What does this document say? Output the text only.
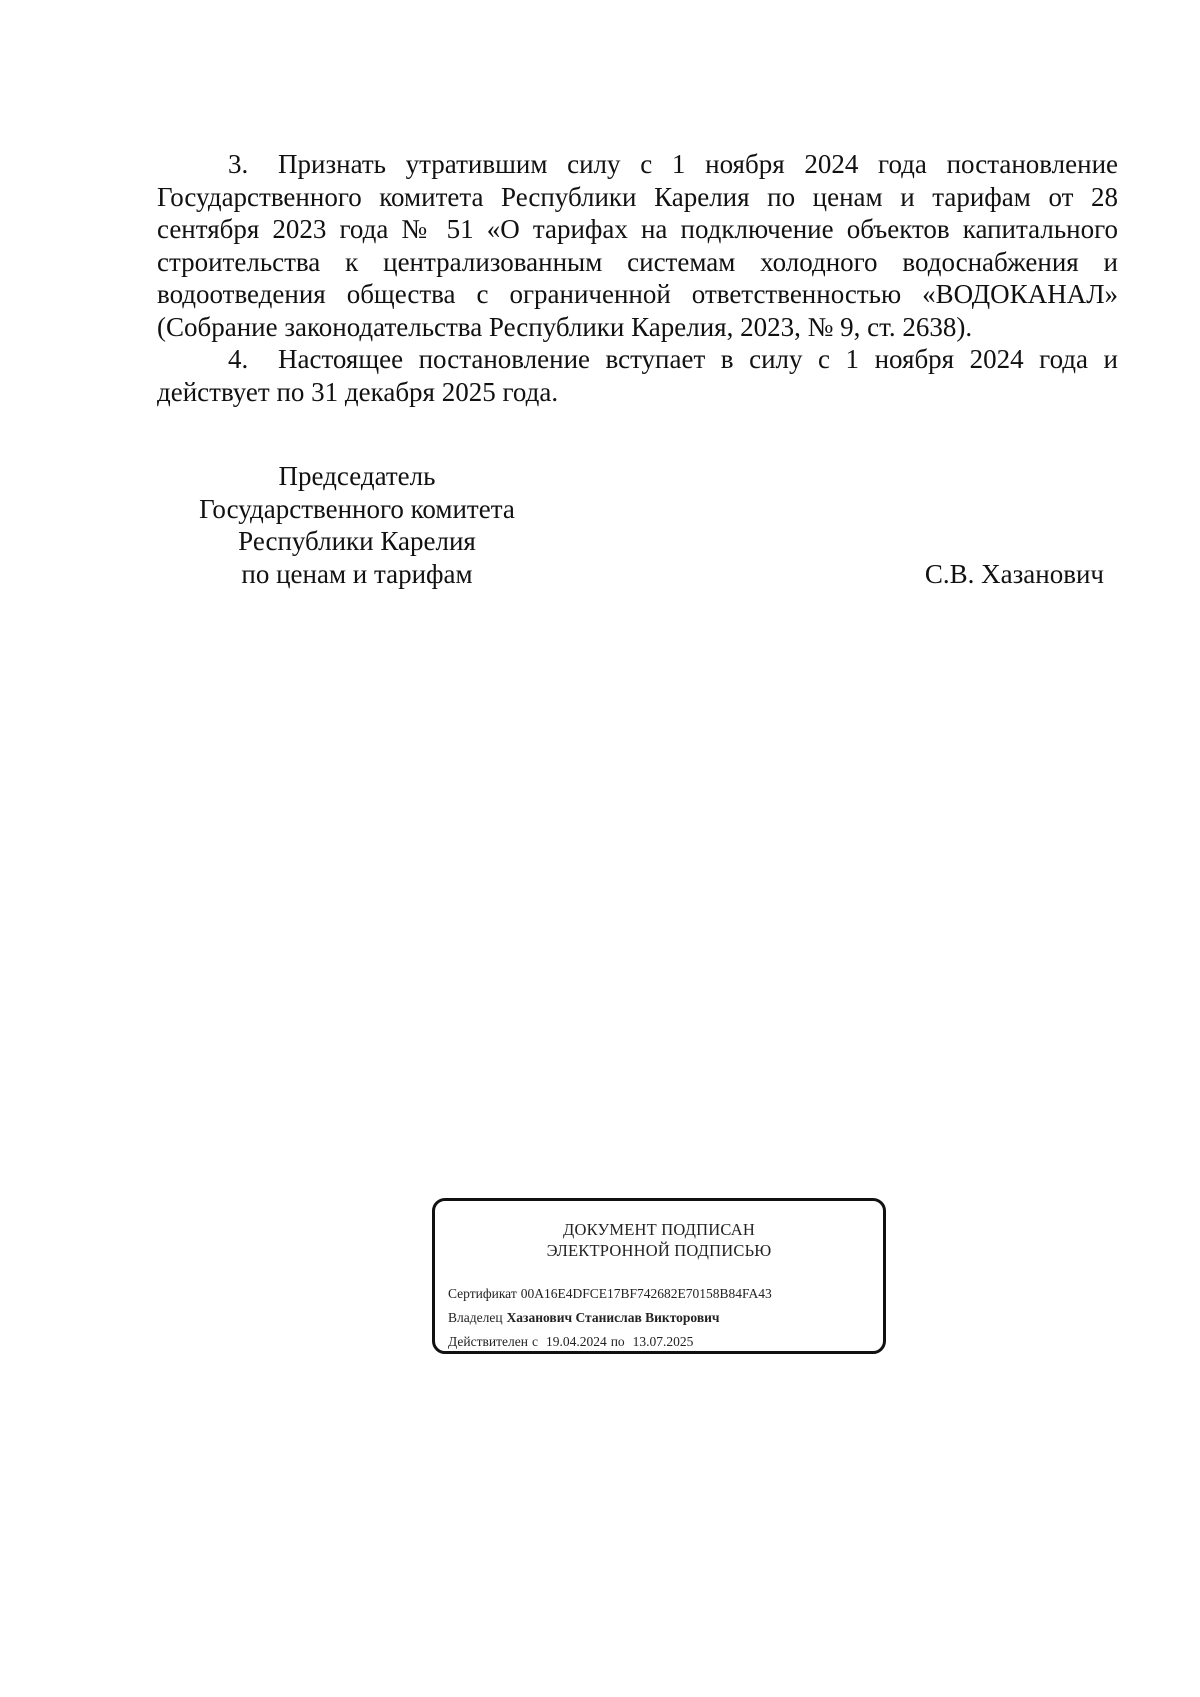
3. Признать утратившим силу с 1 ноября 2024 года постановление Государственного комитета Республики Карелия по ценам и тарифам от 28 сентября 2023 года № 51 «О тарифах на подключение объектов капитального строительства к централизованным системам холодного водоснабжения и водоотведения общества с ограниченной ответственностью «ВОДОКАНАЛ» (Собрание законодательства Республики Карелия, 2023, № 9, ст. 2638).

4. Настоящее постановление вступает в силу с 1 ноября 2024 года и действует по 31 декабря 2025 года.

Председатель
Государственного комитета
Республики Карелия
по ценам и тарифам	С.В. Хазанович
ДОКУМЕНТ ПОДПИСАН
ЭЛЕКТРОННОЙ ПОДПИСЬЮ
Сертификат 00A16E4DFCE17BF742682E70158B84FA43
Владелец Хазанович Станислав Викторович
Действителен с 19.04.2024 по 13.07.2025
